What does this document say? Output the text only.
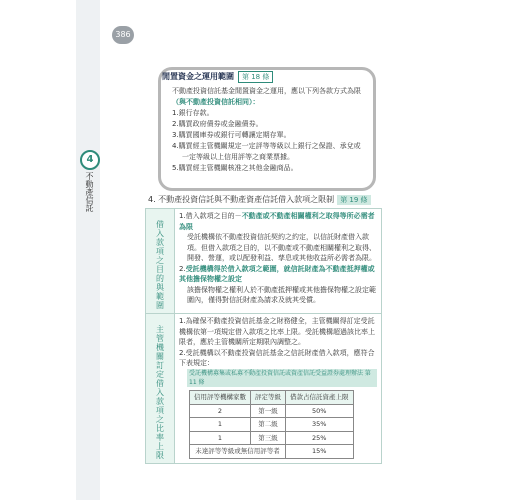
386
4
不動產信託
閒置資金之運用範圍 第 18 條
不動產投資信託基金閒置資金之運用，應以下列各款方式為限
（與不動產投資信託相同）：
1.銀行存款。
2.購買政府債券或金融債券。
3.購買國庫券或銀行可轉讓定期存單。
4.購買經主管機關規定一定評等等級以上銀行之保證、承兌或
一定等級以上信用評等之商業票據。
5.購買經主管機關核准之其他金融商品。
4. 不動產投資信託與不動產資產信託借入款項之限制 第 19 條
借入款項之目的與範圍	
1.借入款項之目的－不動產或不動產相關權利之取得等所必需者為限
受託機構依不動產投資信託契約之約定，以信託財產借入款項。但借入款項之目的，以不動產或不動產相關權利之取得、開發、營運，或以配發利益、孳息或其他收益所必需者為限。
2.受託機構得於借入款項之範圍，就信託財產為不動產抵押權或其他擔保物權之設定
該擔保物權之權利人於不動產抵押權或其他擔保物權之設定範圍內，僅得對信託財產為請求及就其受償。

主管機關訂定借入款項之比率上限	
1.為確保不動產投資信託基金之財務健全，主管機關得訂定受託機構依第一項規定借入款項之比率上限。受託機構超過該比率上限者，應於主管機關所定期限內調整之。
2.受託機構以不動產投資信託基金之信託財產借入款項，應符合下表規定：
受託機構募集或私募不動產投資信託或資產信託受益證券處理辦法 第 11 條
信用評等機構家數	評定等級	借款占信託資產上限
2	第一級	50%
1	第二級	35%
1	第三級	25%
未達評等等級或無信用評等者	15%
